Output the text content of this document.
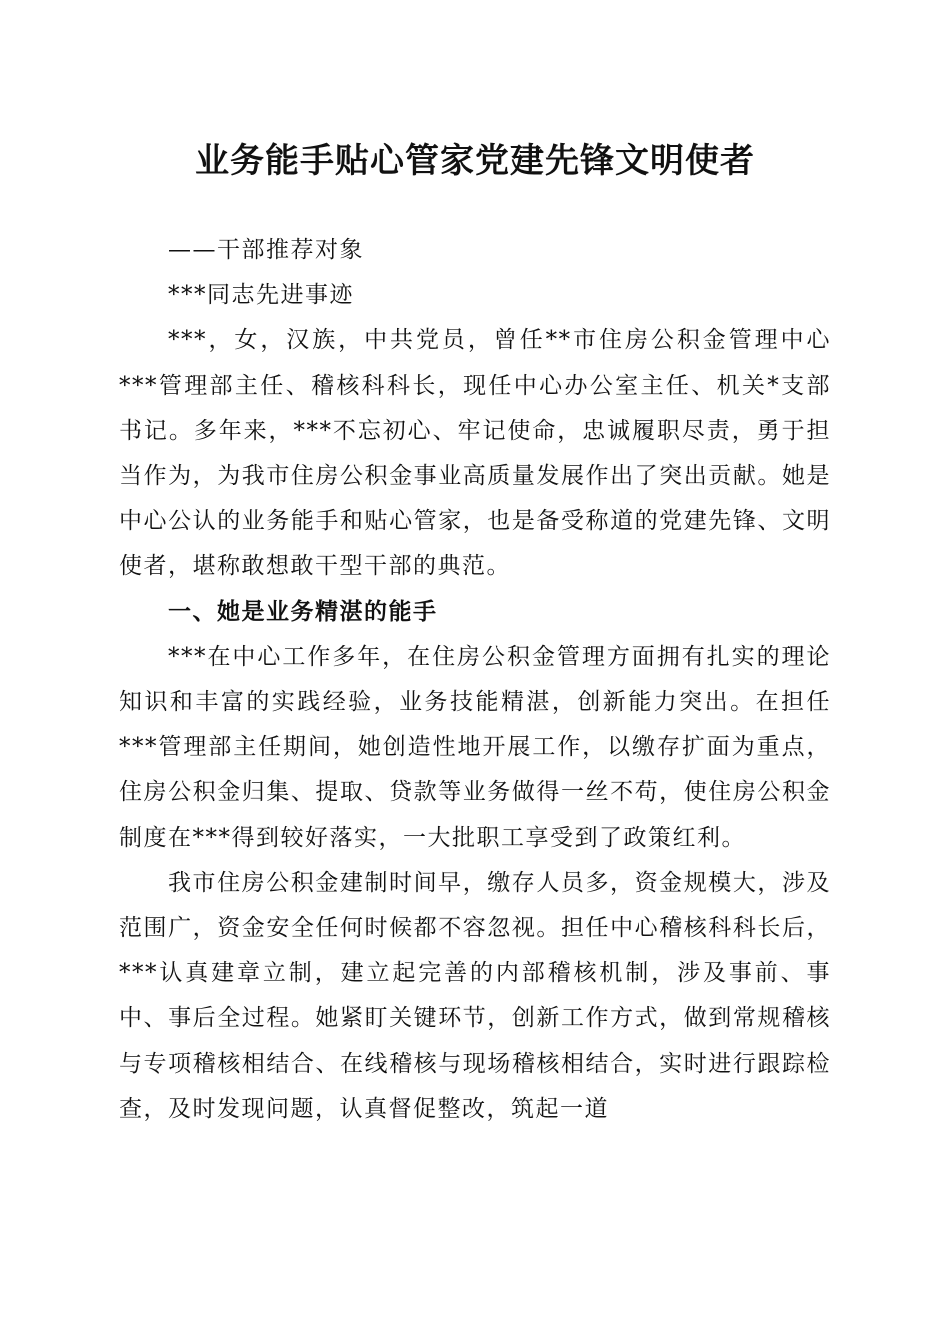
业务能手贴心管家党建先锋文明使者

——干部推荐对象

***同志先进事迹

***，女，汉族，中共党员，曾任**市住房公积金管理中心***管理部主任、稽核科科长，现任中心办公室主任、机关*支部书记。多年来，***不忘初心、牢记使命，忠诚履职尽责，勇于担当作为，为我市住房公积金事业高质量发展作出了突出贡献。她是中心公认的业务能手和贴心管家，也是备受称道的党建先锋、文明使者，堪称敢想敢干型干部的典范。

一、她是业务精湛的能手

***在中心工作多年，在住房公积金管理方面拥有扎实的理论知识和丰富的实践经验，业务技能精湛，创新能力突出。在担任***管理部主任期间，她创造性地开展工作，以缴存扩面为重点，住房公积金归集、提取、贷款等业务做得一丝不苟，使住房公积金制度在***得到较好落实，一大批职工享受到了政策红利。

我市住房公积金建制时间早，缴存人员多，资金规模大，涉及范围广，资金安全任何时候都不容忽视。担任中心稽核科科长后，***认真建章立制，建立起完善的内部稽核机制，涉及事前、事中、事后全过程。她紧盯关键环节，创新工作方式，做到常规稽核与专项稽核相结合、在线稽核与现场稽核相结合，实时进行跟踪检查，及时发现问题，认真督促整改，筑起一道
